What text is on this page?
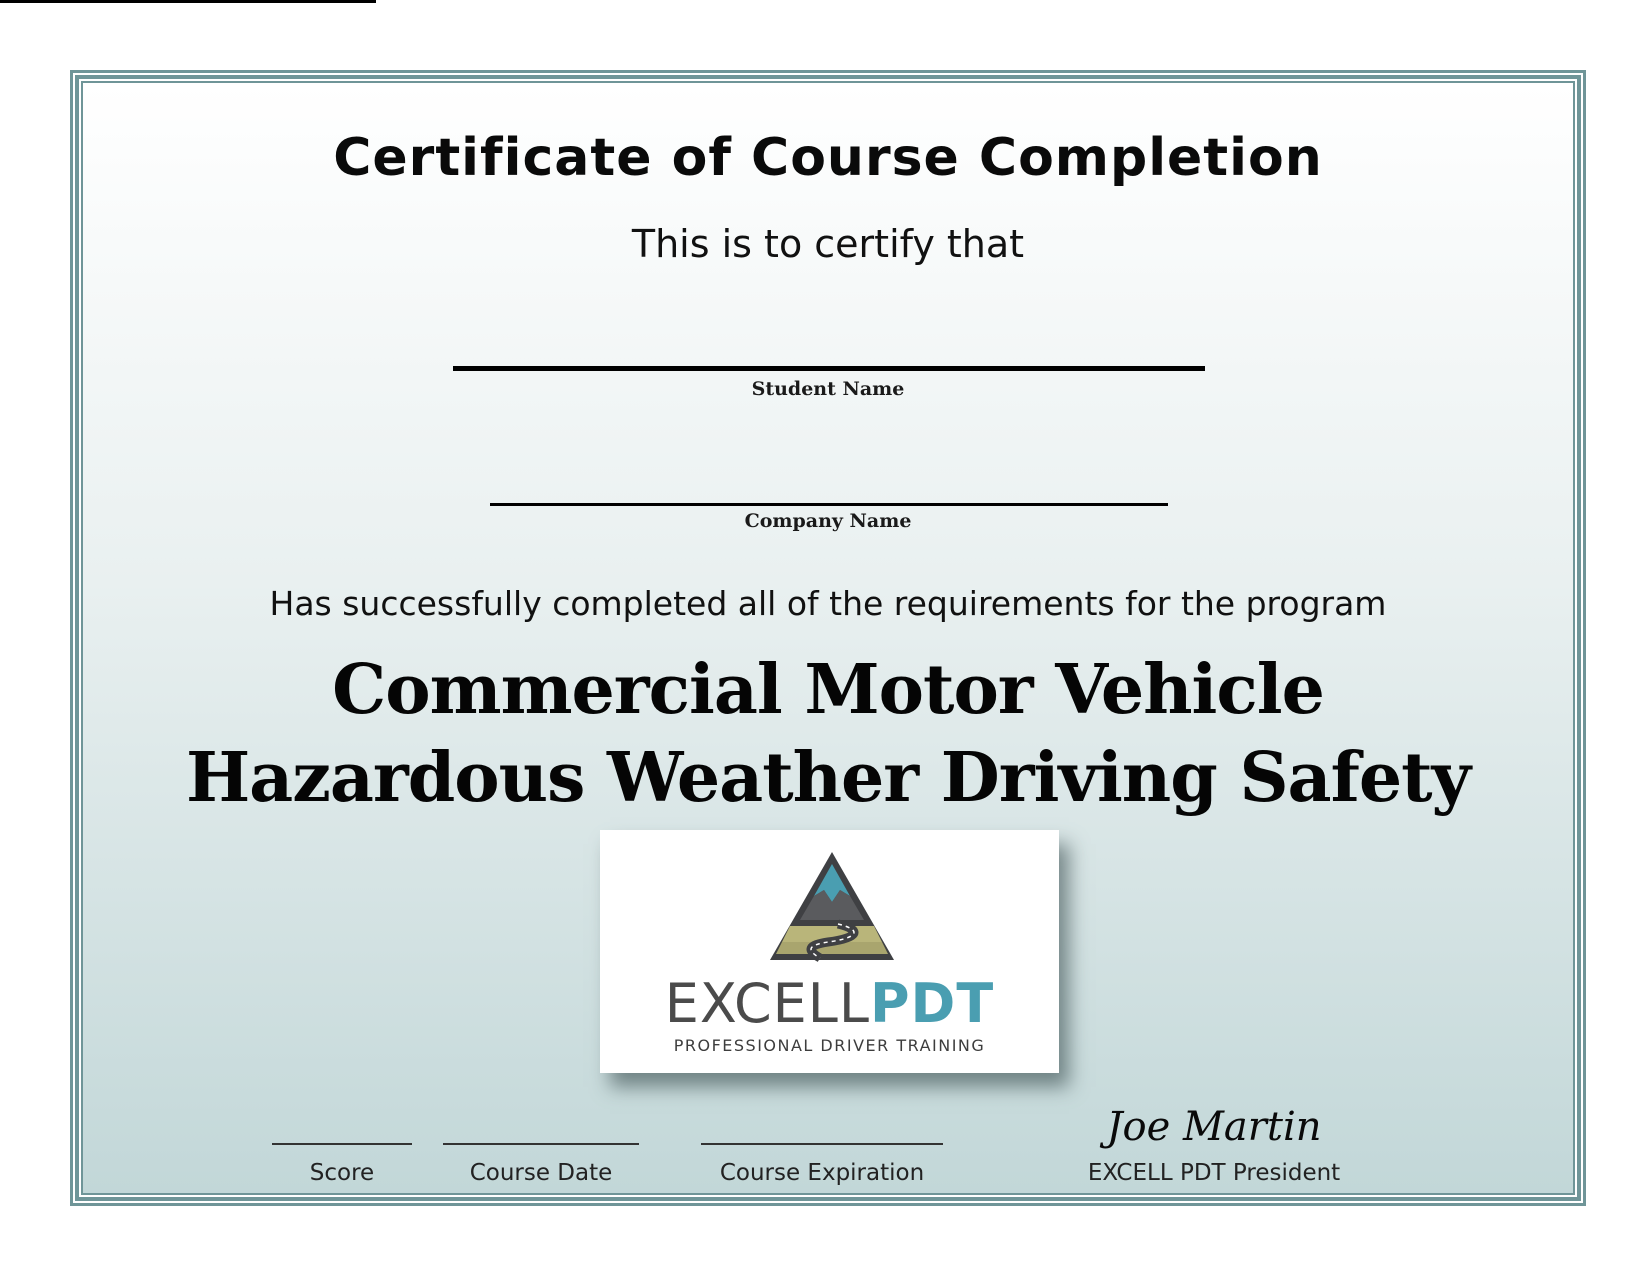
Certificate of Course Completion
This is to certify that
Student Name
Company Name
Has successfully completed all of the requirements for the program
Commercial Motor Vehicle
Hazardous Weather Driving Safety
EXCELLPDT
PROFESSIONAL DRIVER TRAINING
Joe Martin
Score	Course Date	Course Expiration	EXCELL PDT President
